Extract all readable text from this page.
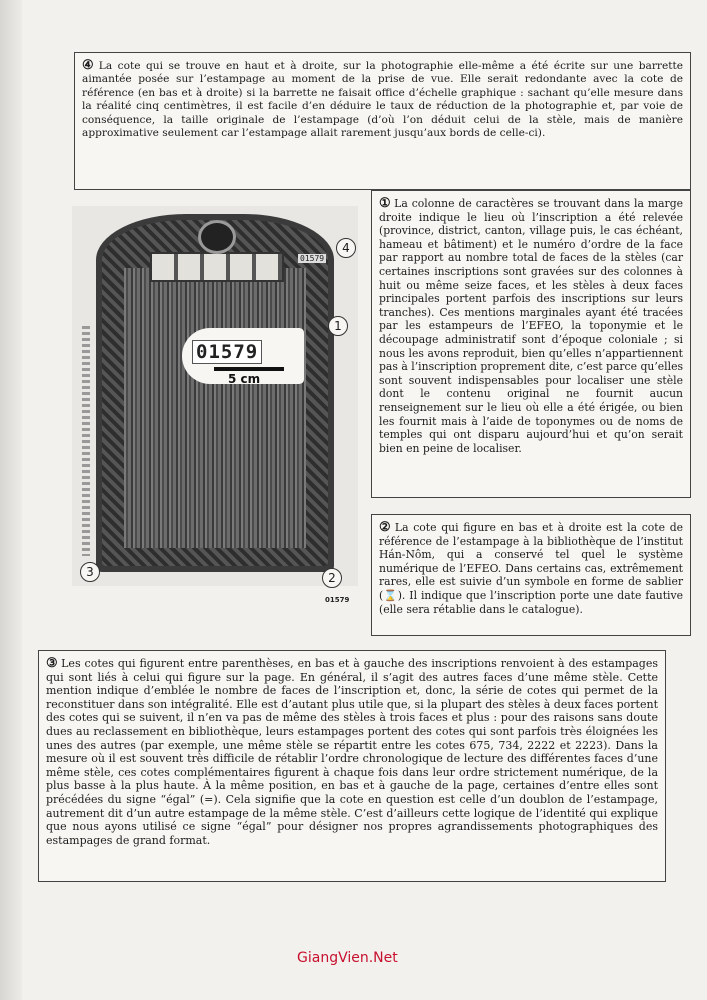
④ La cote qui se trouve en haut et à droite, sur la photographie elle-même a été écrite sur une barrette aimantée posée sur l’estampage au moment de la prise de vue. Elle serait redondante avec la cote de référence (en bas et à droite) si la barrette ne faisait office d’échelle graphique : sachant qu’elle mesure dans la réalité cinq centimètres, il est facile d’en déduire le taux de réduction de la photographie et, par voie de conséquence, la taille originale de l’estampage (d’où l’on déduit celui de la stèle, mais de manière approximative seulement car l’estampage allait rarement jusqu’aux bords de celle-ci).

01579
01579
5 cm
4
1
3	2
01579

① La colonne de caractères se trouvant dans la marge droite indique le lieu où l’inscription a été relevée (province, district, canton, village puis, le cas échéant, hameau et bâtiment) et le numéro d’ordre de la face par rapport au nombre total de faces de la stèles (car certaines inscriptions sont gravées sur des colonnes à huit ou même seize faces, et les stèles à deux faces principales portent parfois des inscriptions sur leurs tranches). Ces mentions marginales ayant été tracées par les estampeurs de l’EFEO, la toponymie et le découpage administratif sont d’époque coloniale ; si nous les avons reproduit, bien qu’elles n’appartiennent pas à l’inscription proprement dite, c’est parce qu’elles sont souvent indispensables pour localiser une stèle dont le contenu original ne fournit aucun renseignement sur le lieu où elle a été érigée, ou bien les fournit mais à l’aide de toponymes ou de noms de temples qui ont disparu aujourd’hui et qu’on serait bien en peine de localiser.

② La cote qui figure en bas et à droite est la cote de référence de l’estampage à la bibliothèque de l’institut Hán-Nôm, qui a conservé tel quel le système numérique de l’EFEO. Dans certains cas, extrêmement rares, elle est suivie d’un symbole en forme de sablier (⌛). Il indique que l’inscription porte une date fautive (elle sera rétablie dans le catalogue).

③ Les cotes qui figurent entre parenthèses, en bas et à gauche des inscriptions renvoient à des estampages qui sont liés à celui qui figure sur la page. En général, il s’agit des autres faces d’une même stèle. Cette mention indique d’emblée le nombre de faces de l’inscription et, donc, la série de cotes qui permet de la reconstituer dans son intégralité. Elle est d’autant plus utile que, si la plupart des stèles à deux faces portent des cotes qui se suivent, il n’en va pas de même des stèles à trois faces et plus : pour des raisons sans doute dues au reclassement en bibliothèque, leurs estampages portent des cotes qui sont parfois très éloignées les unes des autres (par exemple, une même stèle se répartit entre les cotes 675, 734, 2222 et 2223). Dans la mesure où il est souvent très difficile de rétablir l’ordre chronologique de lecture des différentes faces d’une même stèle, ces cotes complémentaires figurent à chaque fois dans leur ordre strictement numérique, de la plus basse à la plus haute. À la même position, en bas et à gauche de la page, certaines d’entre elles sont précédées du signe “égal” (=). Cela signifie que la cote en question est celle d’un doublon de l’estampage, autrement dit d’un autre estampage de la même stèle. C’est d’ailleurs cette logique de l’identité qui explique que nous ayons utilisé ce signe “égal” pour désigner nos propres agrandissements photographiques des estampages de grand format.

GiangVien.Net
